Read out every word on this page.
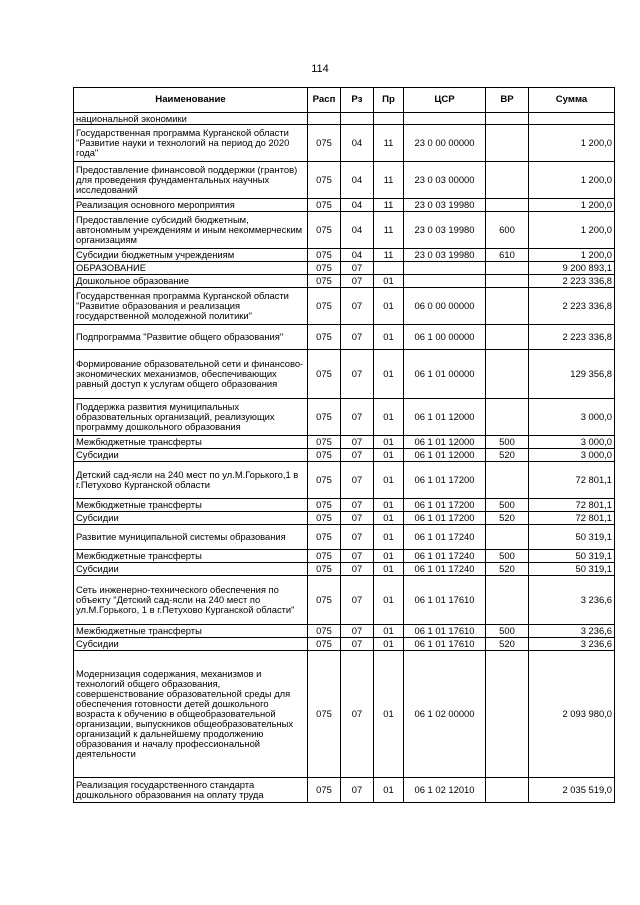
114
Наименование	Расп	Рз	Пр	ЦСР	ВР	Сумма
национальной экономики						
Государственная программа Курганской области "Развитие науки и технологий на период до 2020 года"	075	04	11	23 0 00 00000		1 200,0
Предоставление финансовой поддержки (грантов) для проведения фундаментальных научных исследований	075	04	11	23 0 03 00000		1 200,0
Реализация основного мероприятия	075	04	11	23 0 03 19980		1 200,0
Предоставление субсидий бюджетным, автономным учреждениям и иным некоммерческим организациям	075	04	11	23 0 03 19980	600	1 200,0
Субсидии бюджетным учреждениям	075	04	11	23 0 03 19980	610	1 200,0
ОБРАЗОВАНИЕ	075	07				9 200 893,1
Дошкольное образование	075	07	01			2 223 336,8
Государственная программа Курганской области "Развитие образования и реализация государственной молодежной политики"	075	07	01	06 0 00 00000		2 223 336,8
Подпрограмма "Развитие общего образования"	075	07	01	06 1 00 00000		2 223 336,8
Формирование образовательной сети и финансово-экономических механизмов, обеспечивающих равный доступ к услугам общего образования	075	07	01	06 1 01 00000		129 356,8
Поддержка развития муниципальных образовательных организаций, реализующих программу дошкольного образования	075	07	01	06 1 01 12000		3 000,0
Межбюджетные трансферты	075	07	01	06 1 01 12000	500	3 000,0
Субсидии	075	07	01	06 1 01 12000	520	3 000,0
Детский сад-ясли на 240 мест по ул.М.Горького,1 в г.Петухово Курганской области	075	07	01	06 1 01 17200		72 801,1
Межбюджетные трансферты	075	07	01	06 1 01 17200	500	72 801,1
Субсидии	075	07	01	06 1 01 17200	520	72 801,1
Развитие муниципальной системы образования	075	07	01	06 1 01 17240		50 319,1
Межбюджетные трансферты	075	07	01	06 1 01 17240	500	50 319,1
Субсидии	075	07	01	06 1 01 17240	520	50 319,1
Сеть инженерно-технического обеспечения по объекту "Детский сад-ясли на 240 мест по ул.М.Горького, 1 в г.Петухово Курганской области"	075	07	01	06 1 01 17610		3 236,6
Межбюджетные трансферты	075	07	01	06 1 01 17610	500	3 236,6
Субсидии	075	07	01	06 1 01 17610	520	3 236,6
Модернизация содержания, механизмов и технологий общего образования, совершенствование образовательной среды для обеспечения готовности детей дошкольного возраста к обучению в общеобразовательной организации, выпускников общеобразовательных организаций к дальнейшему продолжению образования и началу профессиональной деятельности	075	07	01	06 1 02 00000		2 093 980,0
Реализация государственного стандарта дошкольного образования на оплату труда	075	07	01	06 1 02 12010		2 035 519,0
